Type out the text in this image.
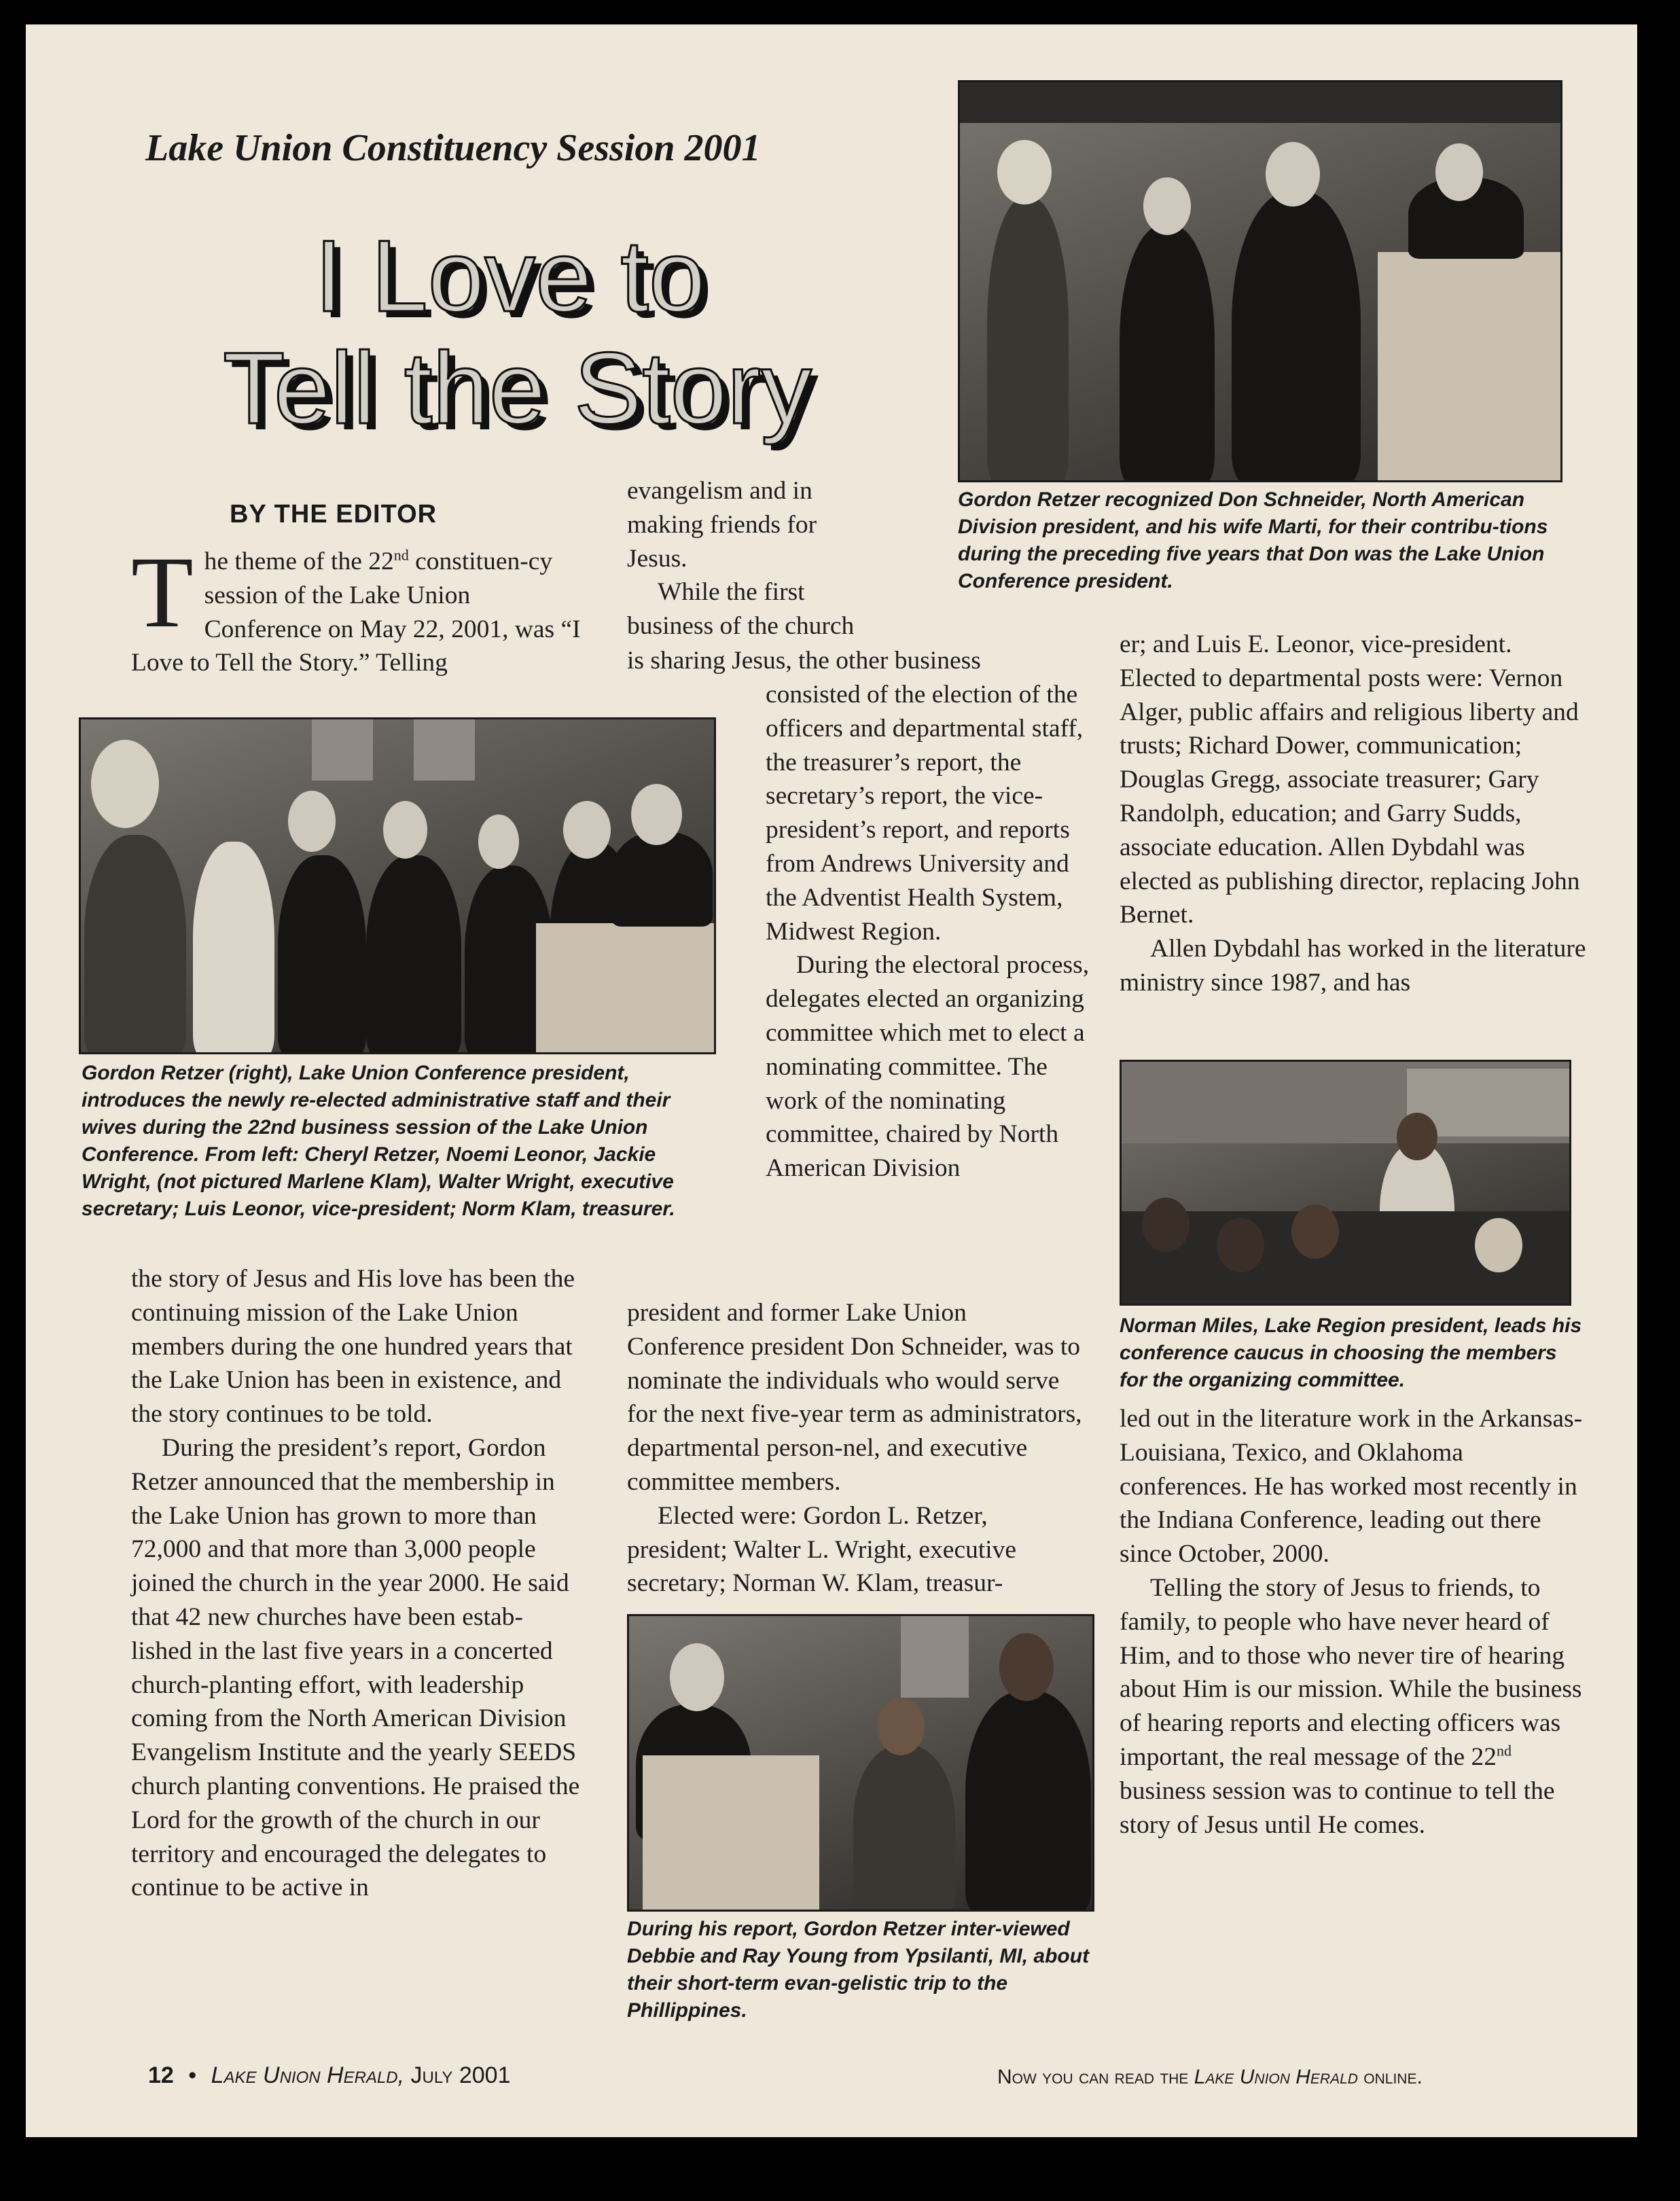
Lake Union Constituency Session 2001
I Love to
Tell the Story
BY THE EDITOR
Gordon Retzer recognized Don Schneider, North American Division president, and his wife Marti, for their contribu-tions during the preceding five years that Don was the Lake Union Conference president.
The theme of the 22nd constituen-cy session of the Lake Union Conference on May 22, 2001, was “I Love to Tell the Story.” Telling
Gordon Retzer (right), Lake Union Conference president, introduces the newly re-elected administrative staff and their wives during the 22nd business session of the Lake Union Conference. From left: Cheryl Retzer, Noemi Leonor, Jackie Wright, (not pictured Marlene Klam), Walter Wright, executive secretary; Luis Leonor, vice-president; Norm Klam, treasurer.

evangelism and in making friends for Jesus.

While the first business of the church

is sharing Jesus, the other business

consisted of the election of the officers and departmental staff, the treasurer’s report, the secretary’s report, the vice-president’s report, and reports from Andrews University and the Adventist Health System, Midwest Region.

During the electoral process, delegates elected an organizing committee which met to elect a nominating committee. The work of the nominating committee, chaired by North American Division

the story of Jesus and His love has been the continuing mission of the Lake Union members during the one hundred years that the Lake Union has been in existence, and the story continues to be told.

During the president’s report, Gordon Retzer announced that the membership in the Lake Union has grown to more than 72,000 and that more than 3,000 people joined the church in the year 2000. He said that 42 new churches have been estab-lished in the last five years in a concerted church-planting effort, with leadership coming from the North American Division Evangelism Institute and the yearly SEEDS church planting conventions. He praised the Lord for the growth of the church in our territory and encouraged the delegates to continue to be active in

president and former Lake Union Conference president Don Schneider, was to nominate the individuals who would serve for the next five-year term as administrators, departmental person-nel, and executive committee members.

Elected were: Gordon L. Retzer, president; Walter L. Wright, executive secretary; Norman W. Klam, treasur-

During his report, Gordon Retzer inter-viewed Debbie and Ray Young from Ypsilanti, MI, about their short-term evan-gelistic trip to the Phillippines.

er; and Luis E. Leonor, vice-president. Elected to departmental posts were: Vernon Alger, public affairs and religious liberty and trusts; Richard Dower, communication; Douglas Gregg, associate treasurer; Gary Randolph, education; and Garry Sudds, associate education. Allen Dybdahl was elected as publishing director, replacing John Bernet.

Allen Dybdahl has worked in the literature ministry since 1987, and has

Norman Miles, Lake Region president, leads his conference caucus in choosing the members for the organizing committee.

led out in the literature work in the Arkansas-Louisiana, Texico, and Oklahoma conferences. He has worked most recently in the Indiana Conference, leading out there since October, 2000.

Telling the story of Jesus to friends, to family, to people who have never heard of Him, and to those who never tire of hearing about Him is our mission. While the business of hearing reports and electing officers was important, the real message of the 22nd business session was to continue to tell the story of Jesus until He comes.

12 • Lake Union Herald, July 2001	Now you can read the Lake Union Herald online.
